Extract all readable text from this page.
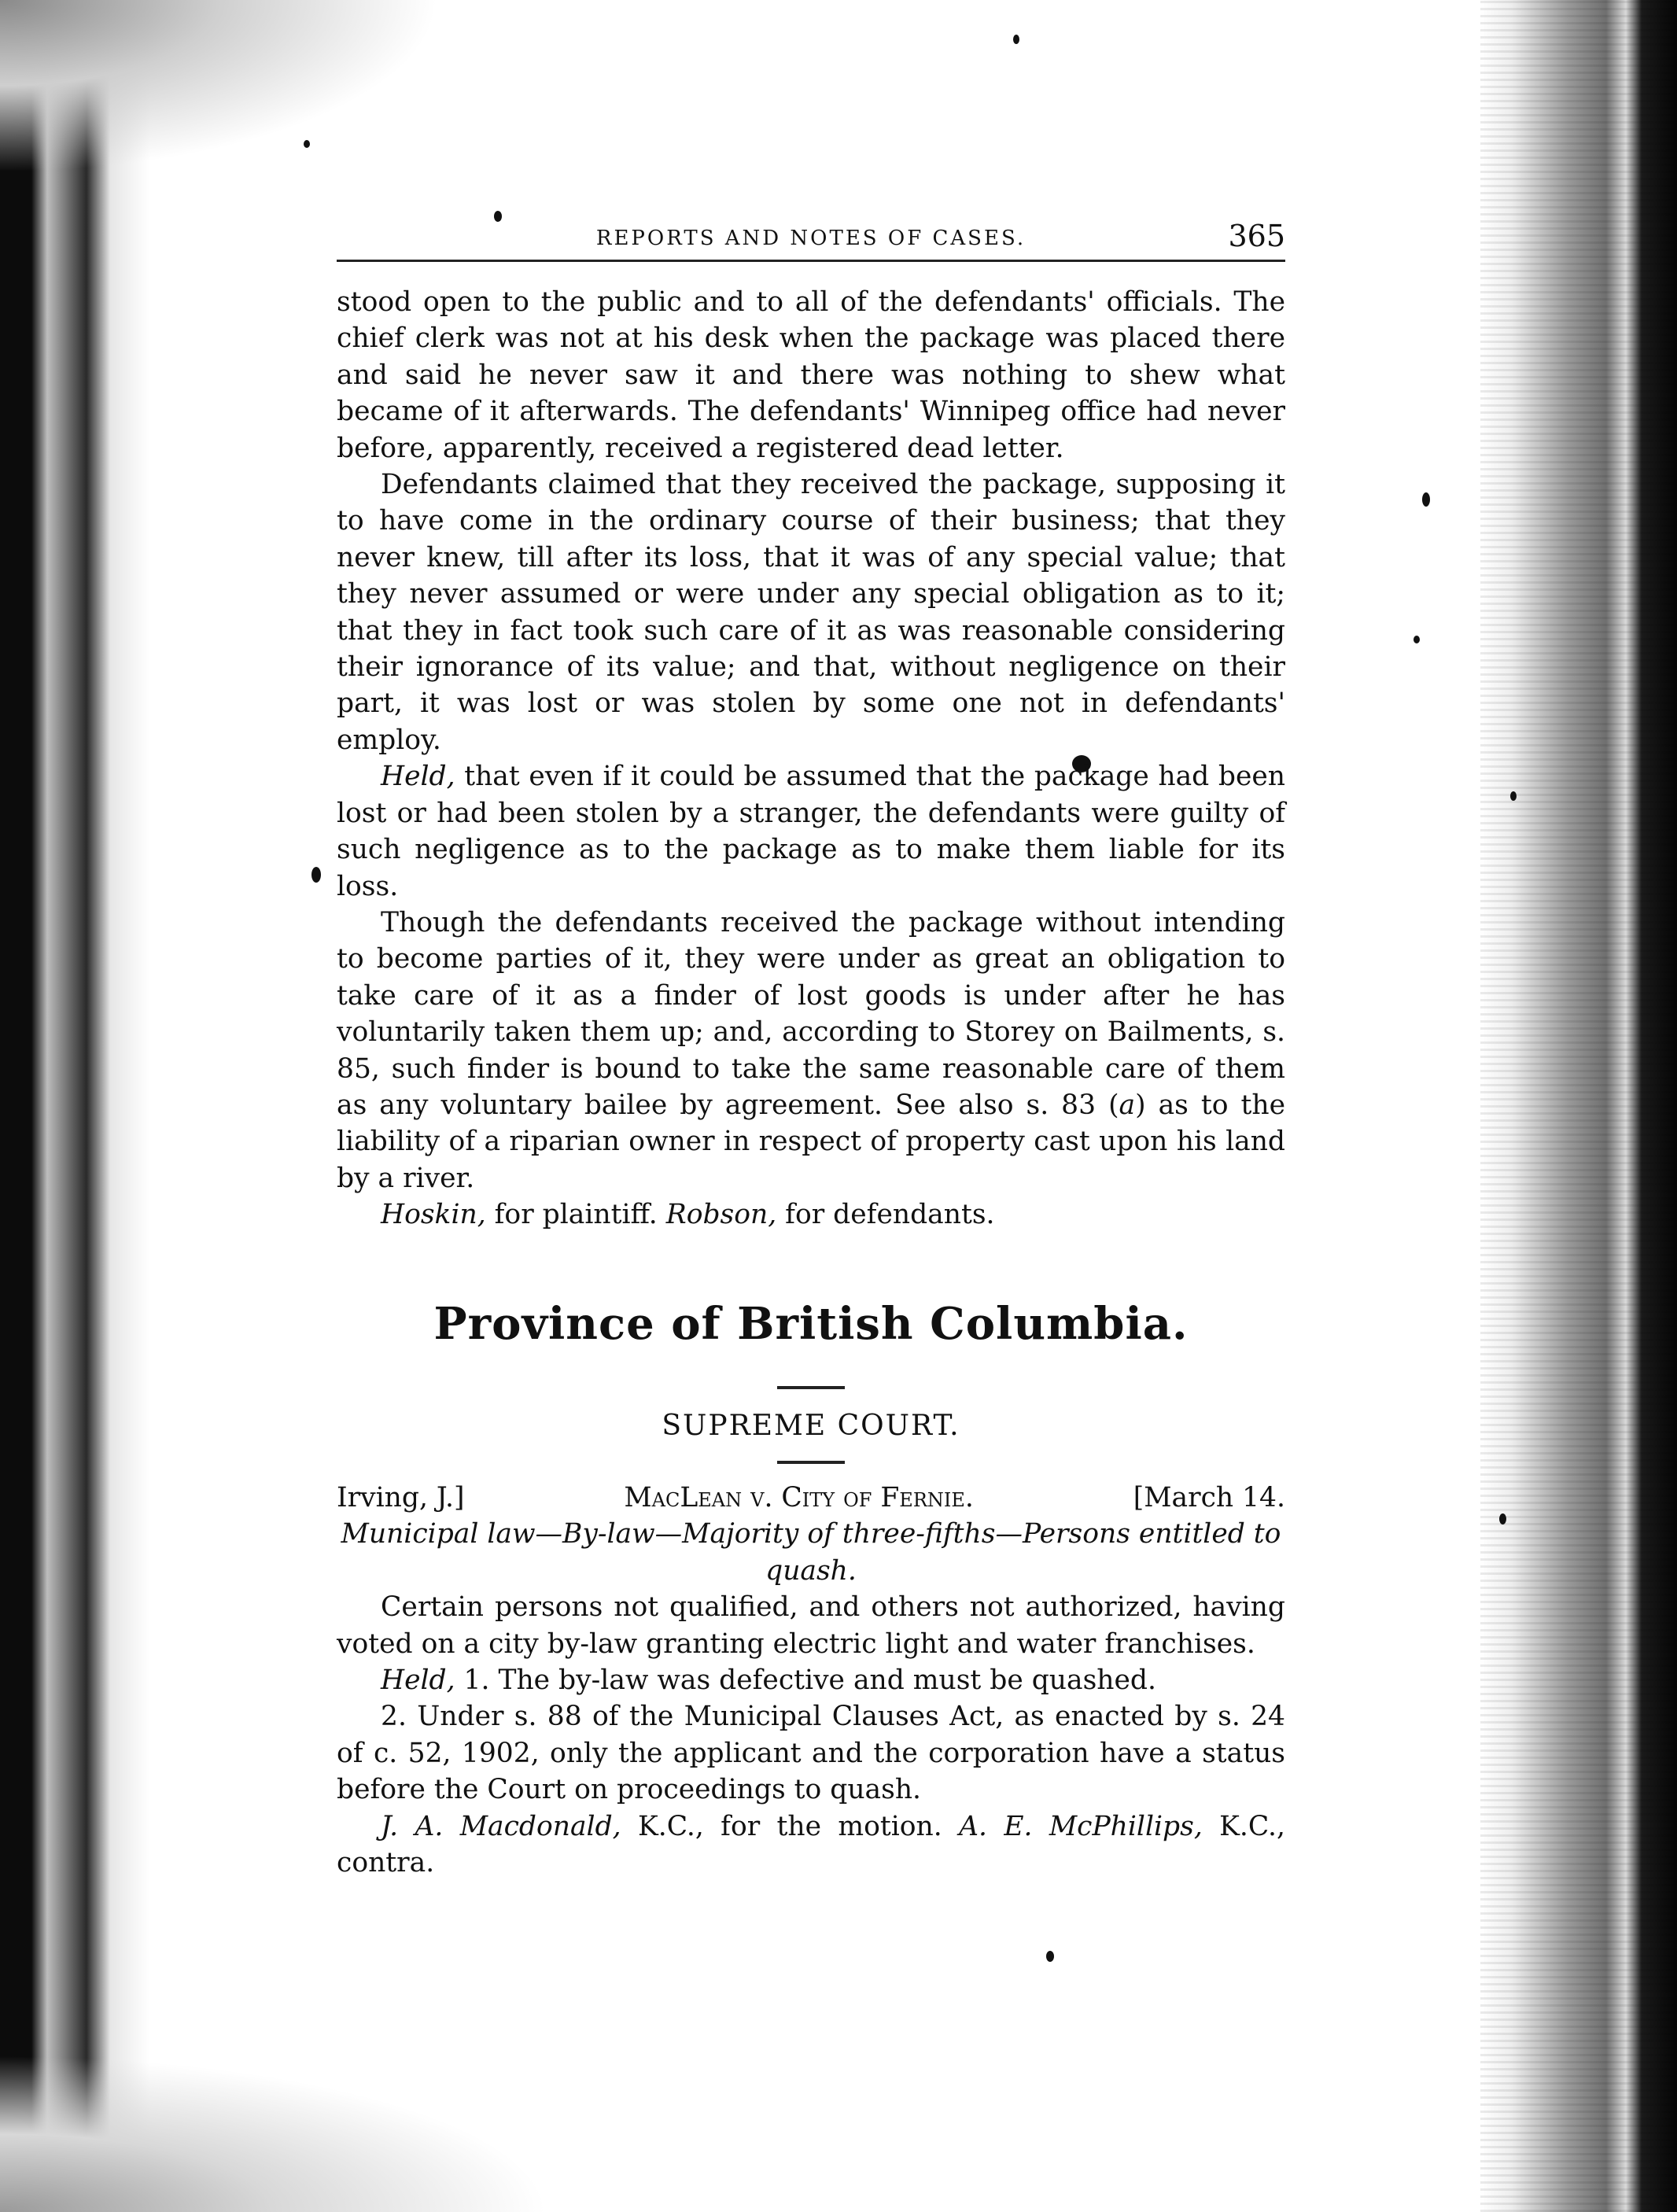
REPORTS AND NOTES OF CASES.	365

stood open to the public and to all of the defendants' officials. The chief clerk was not at his desk when the package was placed there and said he never saw it and there was nothing to shew what became of it afterwards. The defendants' Winnipeg office had never before, apparently, received a registered dead letter.

Defendants claimed that they received the package, supposing it to have come in the ordinary course of their business; that they never knew, till after its loss, that it was of any special value; that they never assumed or were under any special obligation as to it; that they in fact took such care of it as was reasonable considering their ignorance of its value; and that, without negligence on their part, it was lost or was stolen by some one not in defendants' employ.

Held, that even if it could be assumed that the package had been lost or had been stolen by a stranger, the defendants were guilty of such negligence as to the package as to make them liable for its loss.

Though the defendants received the package without intending to become parties of it, they were under as great an obligation to take care of it as a finder of lost goods is under after he has voluntarily taken them up; and, according to Storey on Bailments, s. 85, such finder is bound to take the same reasonable care of them as any voluntary bailee by agreement. See also s. 83 (a) as to the liability of a riparian owner in respect of property cast upon his land by a river.

Hoskin, for plaintiff. Robson, for defendants.

Province of British Columbia.
SUPREME COURT.
Irving, J.]	MacLean v. City of Fernie.	[March 14.
Municipal law—By-law—Majority of three-fifths—Persons entitled to quash.

Certain persons not qualified, and others not authorized, having voted on a city by-law granting electric light and water franchises.

Held, 1. The by-law was defective and must be quashed.

2. Under s. 88 of the Municipal Clauses Act, as enacted by s. 24 of c. 52, 1902, only the applicant and the corporation have a status before the Court on proceedings to quash.

J. A. Macdonald, K.C., for the motion. A. E. McPhillips, K.C., contra.
